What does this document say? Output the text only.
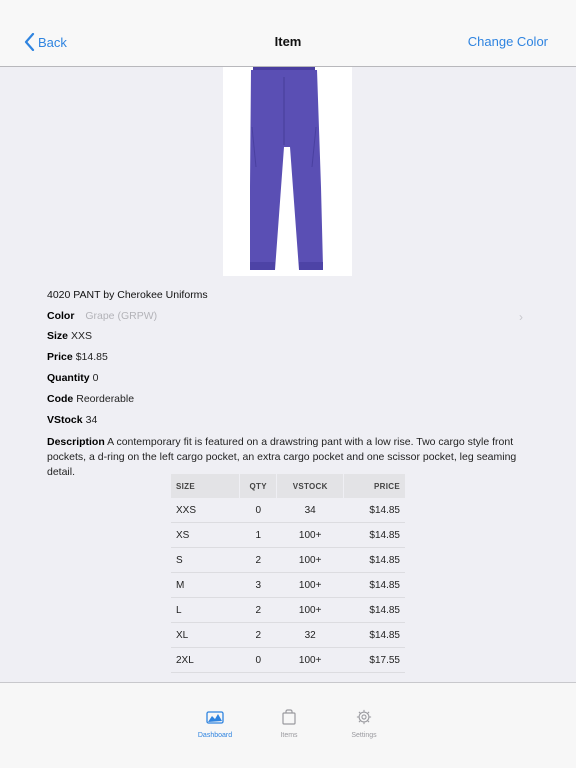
Back	Item	Change Color
4020 PANT by Cherokee Uniforms
Color Grape (GRPW)	›
Size XXS
Price $14.85
Quantity 0
Code Reorderable
VStock 34
Description A contemporary fit is featured on a drawstring pant with a low rise. Two cargo style front pockets, a d-ring on the left cargo pocket, an extra cargo pocket and one scissor pocket, leg seaming detail.
SIZE	QTY	VSTOCK	PRICE
XXS	0	34	$14.85
XS	1	100+	$14.85
S	2	100+	$14.85
M	3	100+	$14.85
L	2	100+	$14.85
XL	2	32	$14.85
2XL	0	100+	$17.55
Dashboard	Items	Settings
